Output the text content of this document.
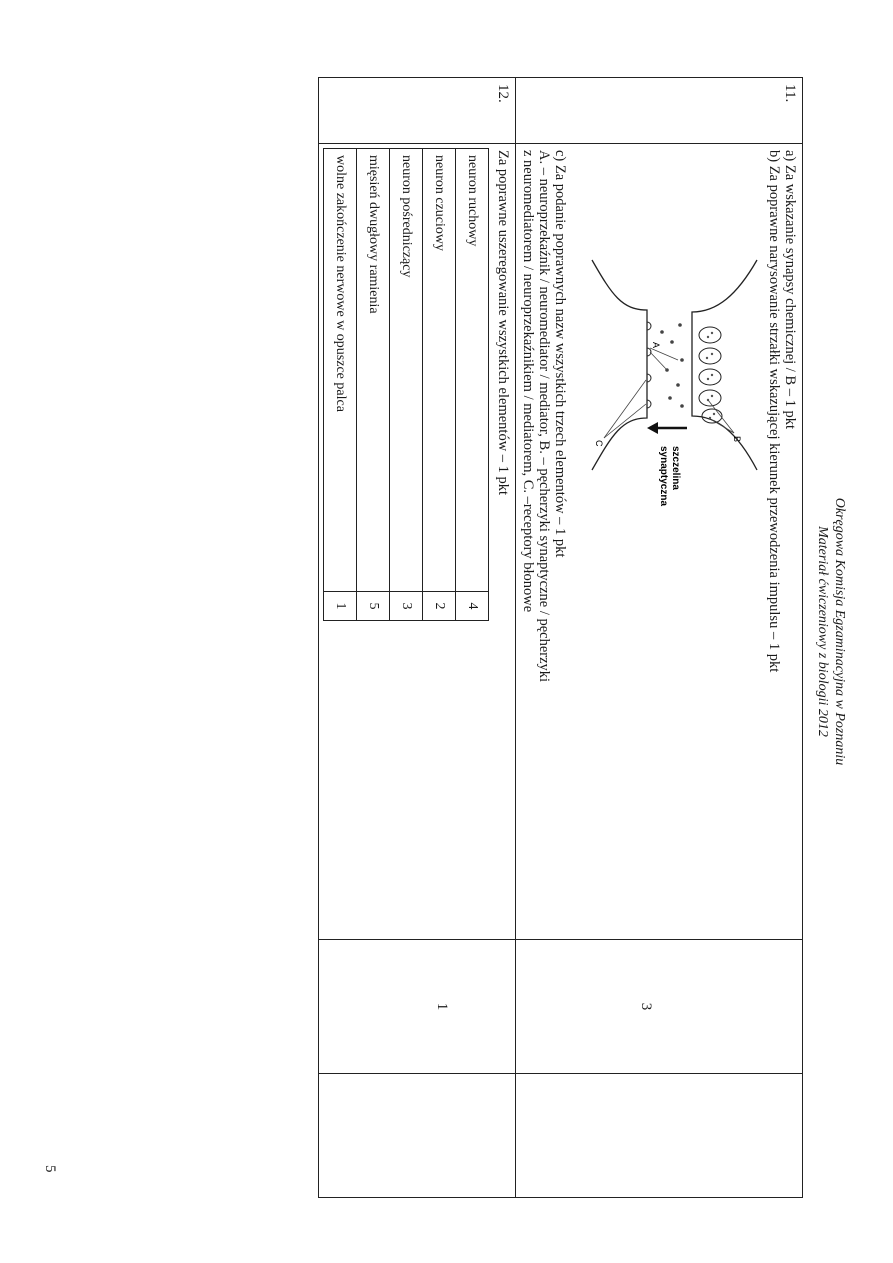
Okręgowa Komisja Egzaminacyjna w Poznaniu
Materiał ćwiczeniowy z biologii 2012
11.

a) Za wskazanie synapsy chemicznej / B – 1 pkt

b) Za poprawne narysowanie strzałki wskazującej kierunek przewodzenia impulsu – 1 pkt

A
B
C
szczelina
synaptyczna

c) Za podanie poprawnych nazw wszystkich trzech elementów – 1 pkt

A. – neuroprzekaźnik / neuromediator / mediator, B. – pęcherzyki synaptyczne / pęcherzyki

z neuromediatorem / neuroprzekaźnikiem / mediatorem, C. –receptory błonowe

3

12.

Za poprawne uszeregowanie wszystkich elementów – 1 pkt

neuron ruchowy	4
neuron czuciowy	2
neuron pośredniczący	3
mięsień dwugłowy ramienia	5
wolne zakończenie nerwowe w opuszce palca	1

1

5
